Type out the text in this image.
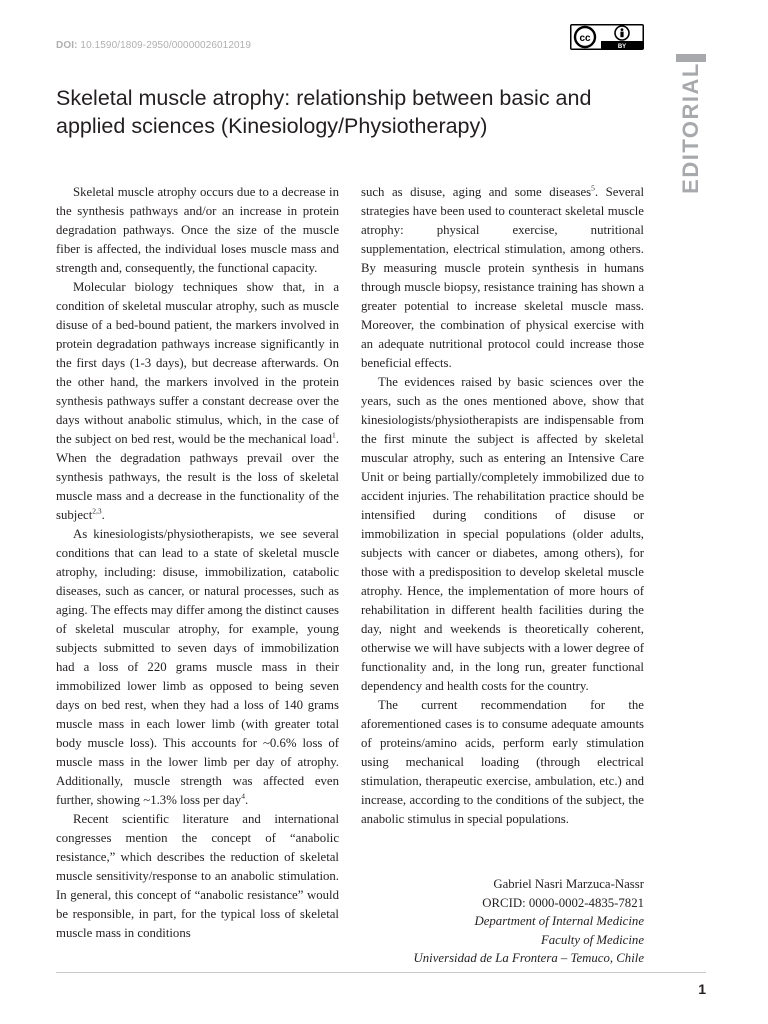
DOI: 10.1590/1809-2950/00000026012019
cc
BY
EDITORIAL
Skeletal muscle atrophy: relationship between basic and applied sciences (Kinesiology/Physiotherapy)

Skeletal muscle atrophy occurs due to a decrease in the synthesis pathways and/or an increase in protein degradation pathways. Once the size of the muscle fiber is affected, the individual loses muscle mass and strength and, consequently, the functional capacity.

Molecular biology techniques show that, in a condition of skeletal muscular atrophy, such as muscle disuse of a bed-bound patient, the markers involved in protein degradation pathways increase significantly in the first days (1-3 days), but decrease afterwards. On the other hand, the markers involved in the protein synthesis pathways suffer a constant decrease over the days without anabolic stimulus, which, in the case of the subject on bed rest, would be the mechanical load$^1$. When the degradation pathways prevail over the synthesis pathways, the result is the loss of skeletal muscle mass and a decrease in the functionality of the subject$^{2,3}$.

As kinesiologists/physiotherapists, we see several conditions that can lead to a state of skeletal muscle atrophy, including: disuse, immobilization, catabolic diseases, such as cancer, or natural processes, such as aging. The effects may differ among the distinct causes of skeletal muscular atrophy, for example, young subjects submitted to seven days of immobilization had a loss of 220 grams muscle mass in their immobilized lower limb as opposed to being seven days on bed rest, when they had a loss of 140 grams muscle mass in each lower limb (with greater total body muscle loss). This accounts for ~0.6% loss of muscle mass in the lower limb per day of atrophy. Additionally, muscle strength was affected even further, showing ~1.3% loss per day$^4$.

Recent scientific literature and international congresses mention the concept of “anabolic resistance,” which describes the reduction of skeletal muscle sensitivity/response to an anabolic stimulation. In general, this concept of “anabolic resistance” would be responsible, in part, for the typical loss of skeletal muscle mass in conditions

such as disuse, aging and some diseases$^5$. Several strategies have been used to counteract skeletal muscle atrophy: physical exercise, nutritional supplementation, electrical stimulation, among others. By measuring muscle protein synthesis in humans through muscle biopsy, resistance training has shown a greater potential to increase skeletal muscle mass. Moreover, the combination of physical exercise with an adequate nutritional protocol could increase those beneficial effects.

The evidences raised by basic sciences over the years, such as the ones mentioned above, show that kinesiologists/physiotherapists are indispensable from the first minute the subject is affected by skeletal muscular atrophy, such as entering an Intensive Care Unit or being partially/completely immobilized due to accident injuries. The rehabilitation practice should be intensified during conditions of disuse or immobilization in special populations (older adults, subjects with cancer or diabetes, among others), for those with a predisposition to develop skeletal muscle atrophy. Hence, the implementation of more hours of rehabilitation in different health facilities during the day, night and weekends is theoretically coherent, otherwise we will have subjects with a lower degree of functionality and, in the long run, greater functional dependency and health costs for the country.

The current recommendation for the aforementioned cases is to consume adequate amounts of proteins/amino acids, perform early stimulation using mechanical loading (through electrical stimulation, therapeutic exercise, ambulation, etc.) and increase, according to the conditions of the subject, the anabolic stimulus in special populations.

Gabriel Nasri Marzuca-Nassr
ORCID: 0000-0002-4835-7821
Department of Internal Medicine
Faculty of Medicine
Universidad de La Frontera – Temuco, Chile
1
